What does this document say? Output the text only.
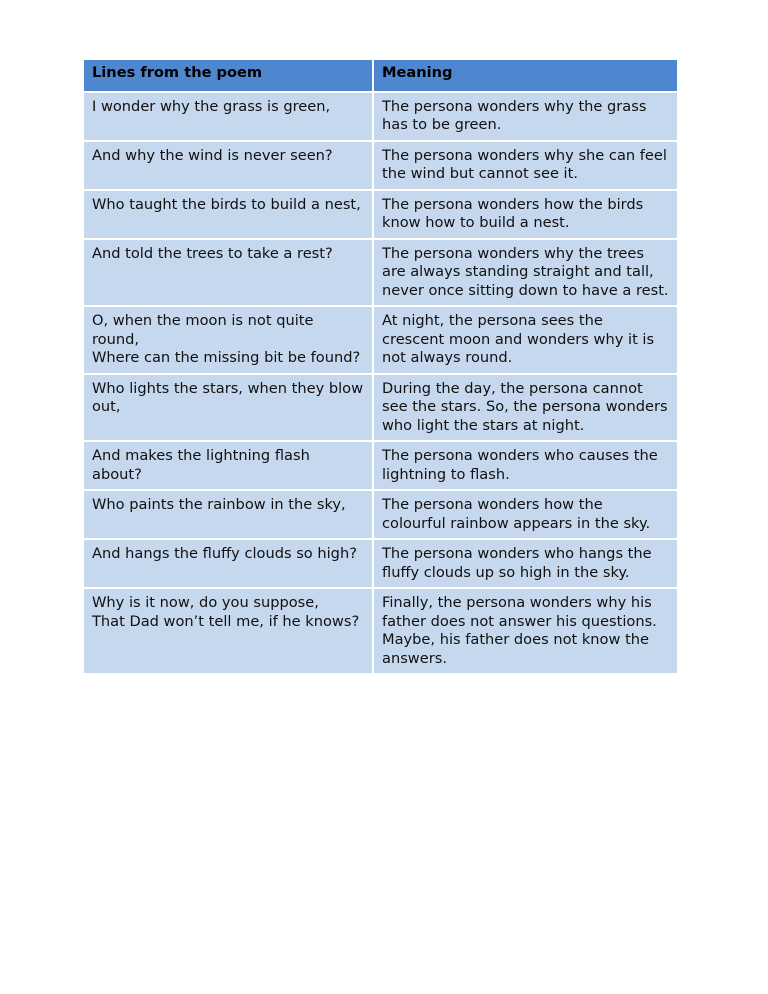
Lines from the poem	Meaning
I wonder why the grass is green,	The persona wonders why the grass has to be green.
And why the wind is never seen?	The persona wonders why she can feel the wind but cannot see it.
Who taught the birds to build a nest,	The persona wonders how the birds know how to build a nest.
And told the trees to take a rest?	The persona wonders why the trees are always standing straight and tall, never once sitting down to have a rest.
O, when the moon is not quite round,
Where can the missing bit be found?	At night, the persona sees the crescent moon and wonders why it is not always round.
Who lights the stars, when they blow out,	During the day, the persona cannot see the stars. So, the persona wonders who light the stars at night.
And makes the lightning flash about?	The persona wonders who causes the lightning to flash.
Who paints the rainbow in the sky,	The persona wonders how the colourful rainbow appears in the sky.
And hangs the fluffy clouds so high?	The persona wonders who hangs the fluffy clouds up so high in the sky.
Why is it now, do you suppose,
That Dad won’t tell me, if he knows?	Finally, the persona wonders why his father does not answer his questions. Maybe, his father does not know the answers.
